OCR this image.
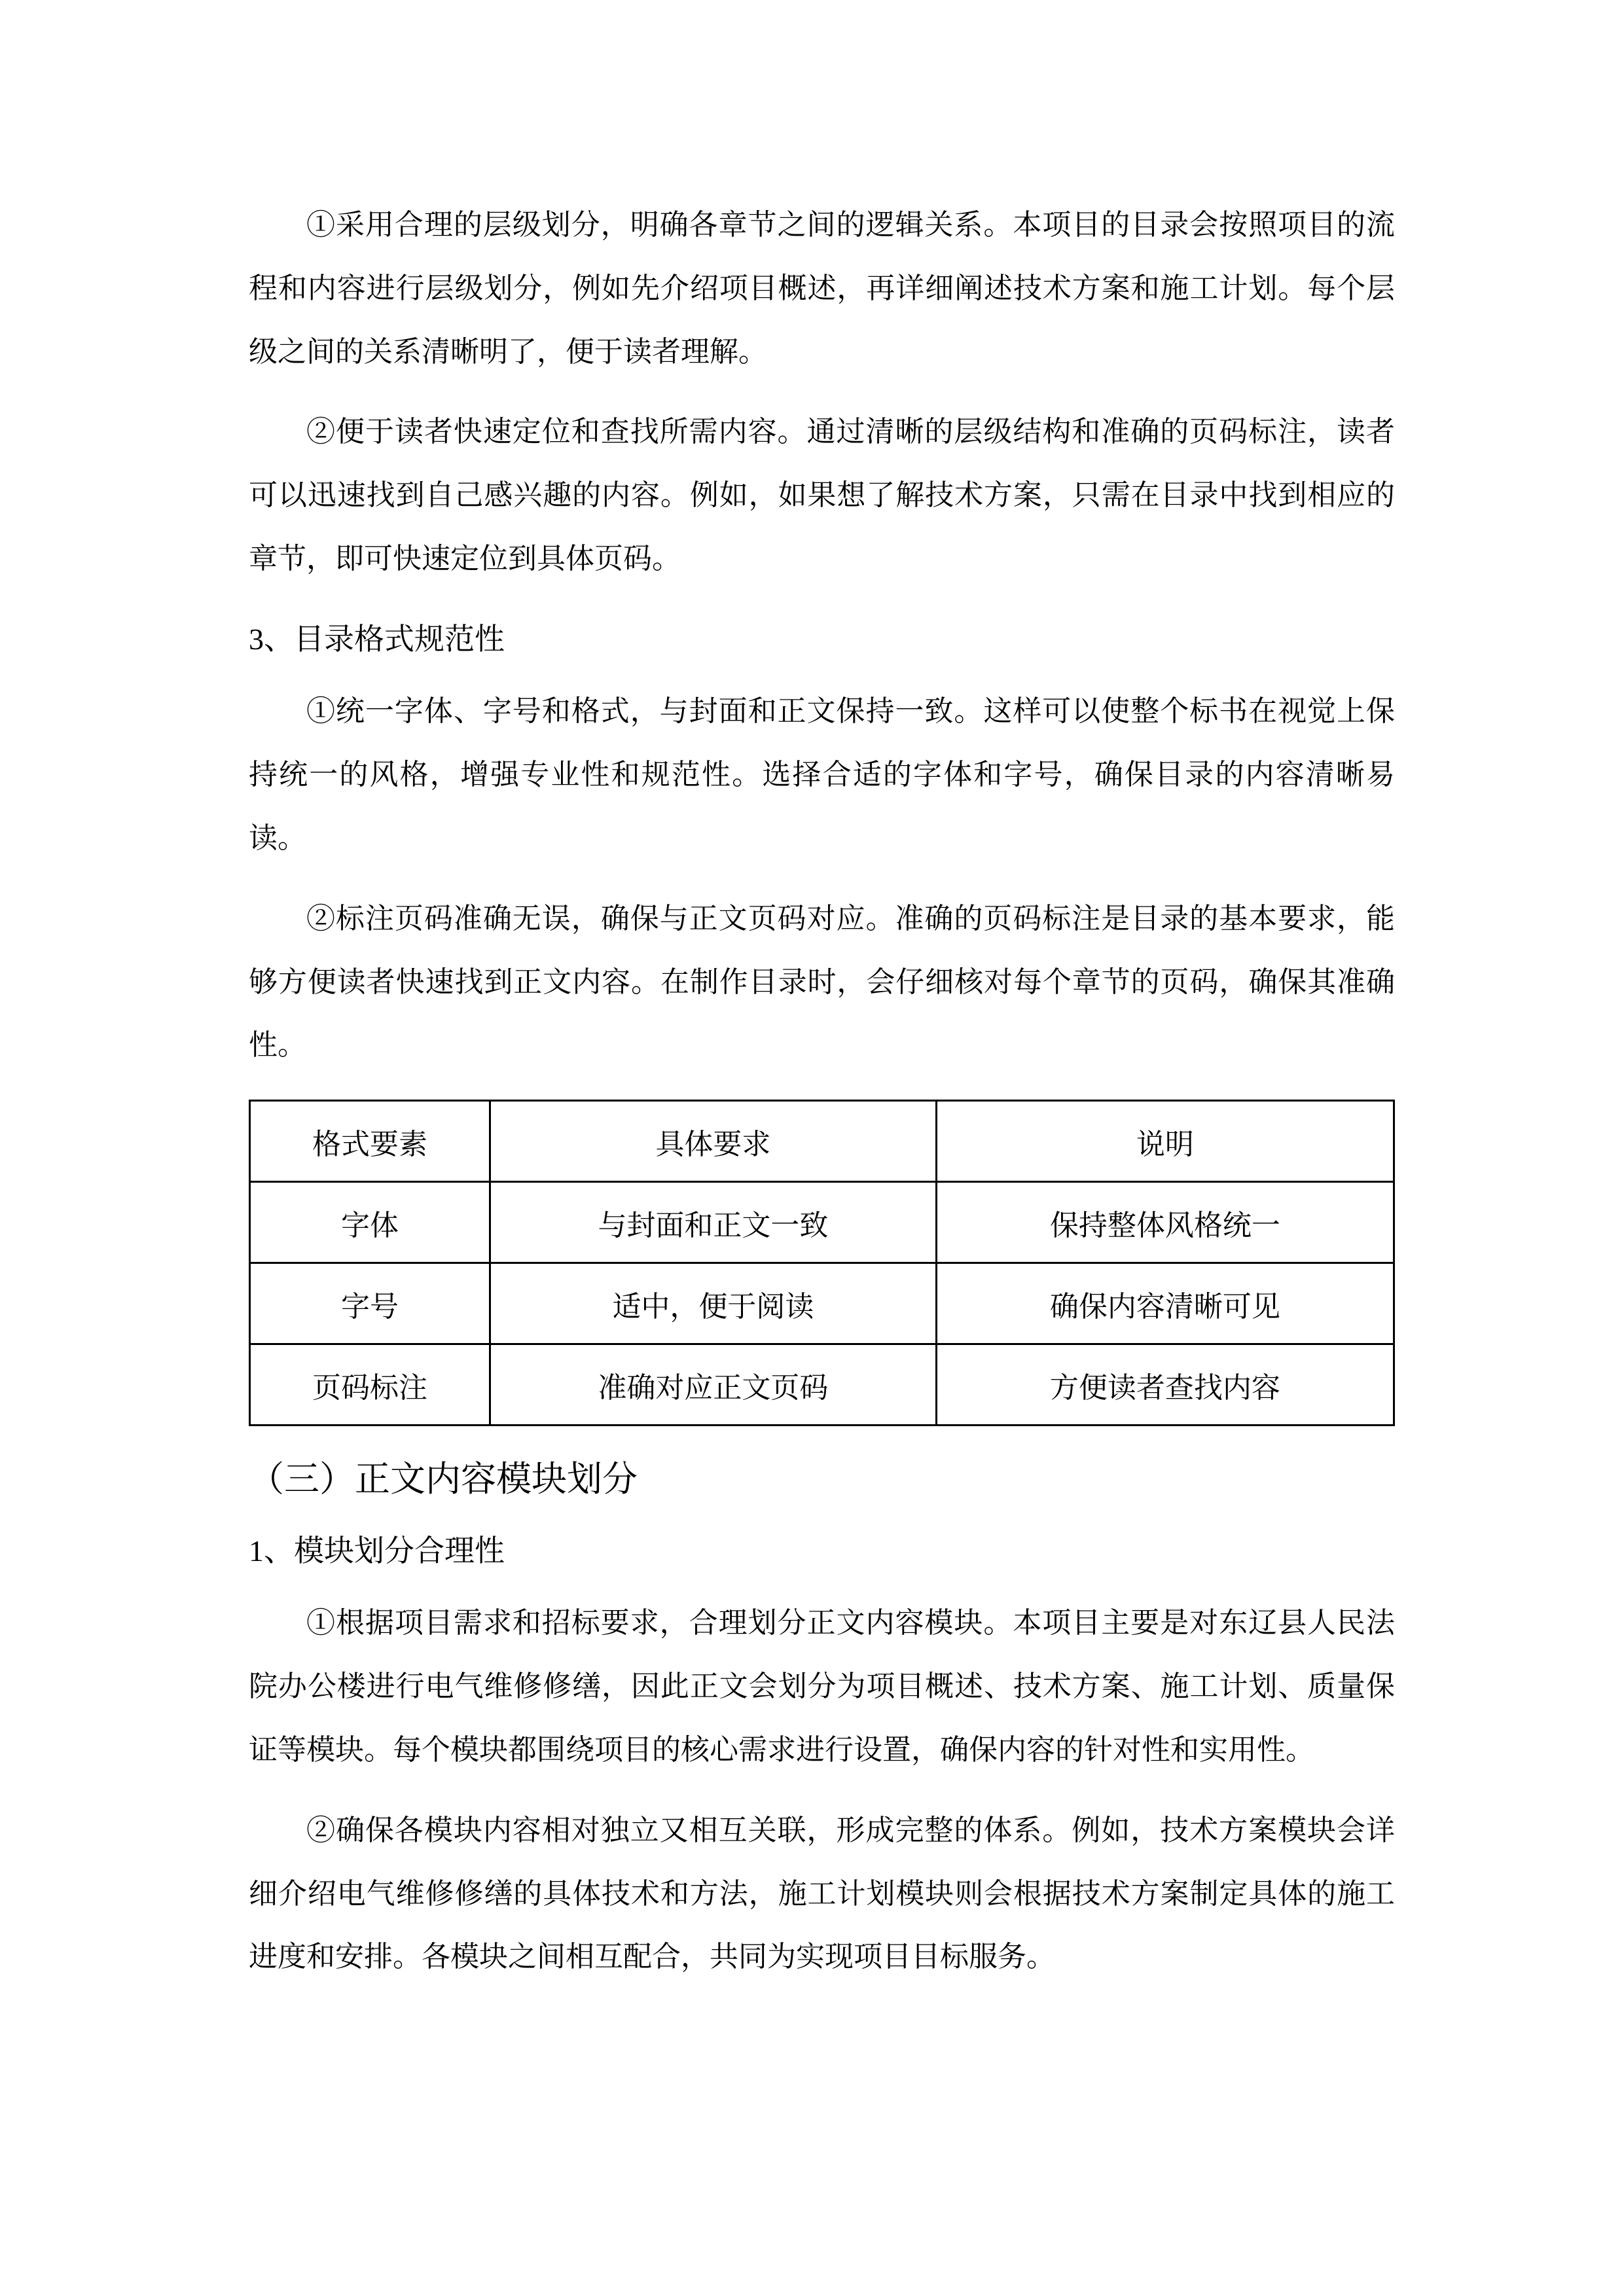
①采用合理的层级划分，明确各章节之间的逻辑关系。本项目的目录会按照项目的流程和内容进行层级划分，例如先介绍项目概述，再详细阐述技术方案和施工计划。每个层级之间的关系清晰明了，便于读者理解。

②便于读者快速定位和查找所需内容。通过清晰的层级结构和准确的页码标注，读者可以迅速找到自己感兴趣的内容。例如，如果想了解技术方案，只需在目录中找到相应的章节，即可快速定位到具体页码。

3、目录格式规范性

①统一字体、字号和格式，与封面和正文保持一致。这样可以使整个标书在视觉上保持统一的风格，增强专业性和规范性。选择合适的字体和字号，确保目录的内容清晰易读。

②标注页码准确无误，确保与正文页码对应。准确的页码标注是目录的基本要求，能够方便读者快速找到正文内容。在制作目录时，会仔细核对每个章节的页码，确保其准确性。

格式要素	具体要求	说明
字体	与封面和正文一致	保持整体风格统一
字号	适中，便于阅读	确保内容清晰可见
页码标注	准确对应正文页码	方便读者查找内容
（三）正文内容模块划分
1、模块划分合理性

①根据项目需求和招标要求，合理划分正文内容模块。本项目主要是对东辽县人民法院办公楼进行电气维修修缮，因此正文会划分为项目概述、技术方案、施工计划、质量保证等模块。每个模块都围绕项目的核心需求进行设置，确保内容的针对性和实用性。

②确保各模块内容相对独立又相互关联，形成完整的体系。例如，技术方案模块会详细介绍电气维修修缮的具体技术和方法，施工计划模块则会根据技术方案制定具体的施工进度和安排。各模块之间相互配合，共同为实现项目目标服务。
